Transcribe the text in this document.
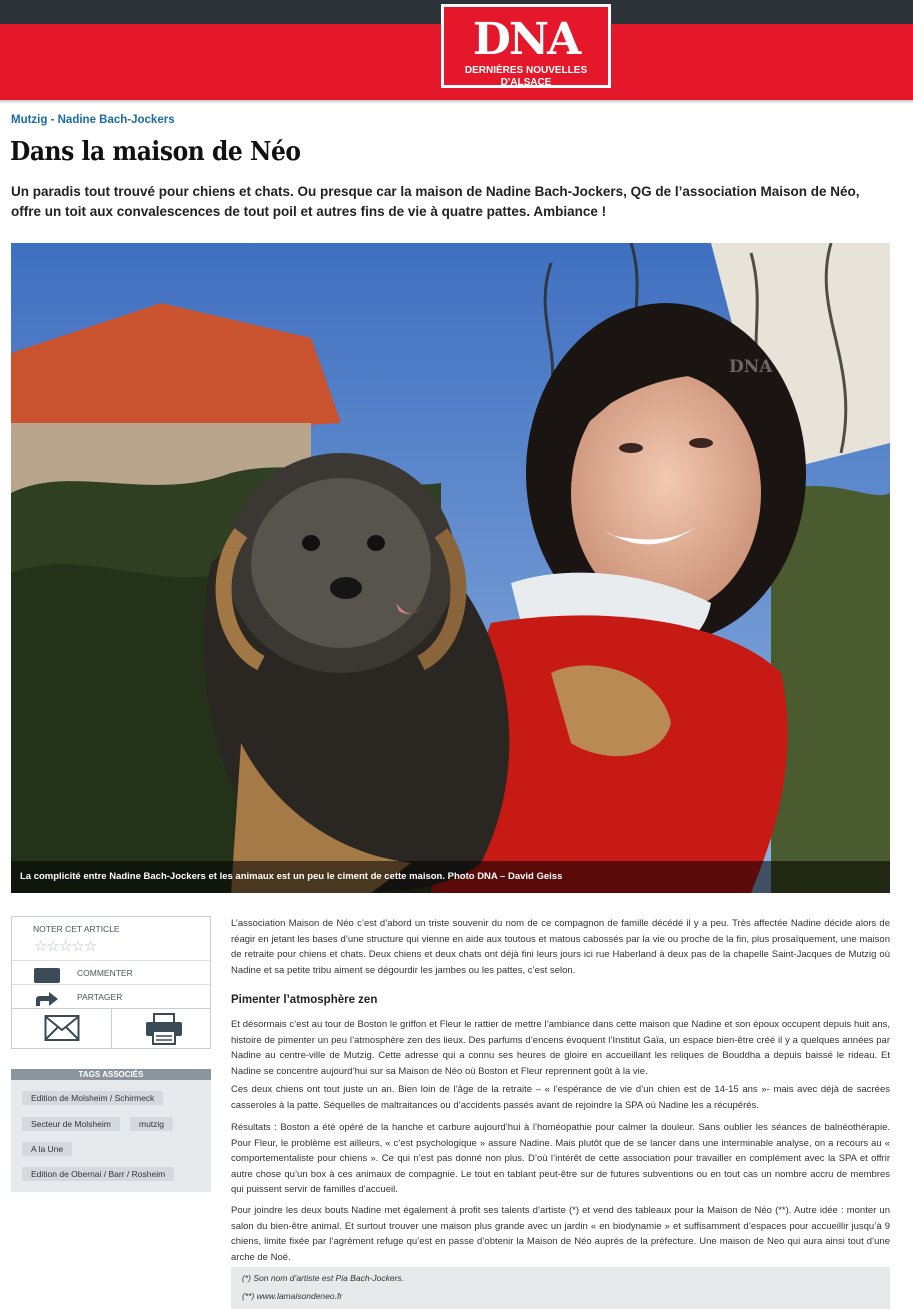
DNA
DERNIÈRES NOUVELLES D'ALSACE
Mutzig - Nadine Bach-Jockers
Dans la maison de Néo

Un paradis tout trouvé pour chiens et chats. Ou presque car la maison de Nadine Bach-Jockers, QG de l’association Maison de Néo, offre un toit aux convalescences de tout poil et autres fins de vie à quatre pattes. Ambiance !

DNA
La complicité entre Nadine Bach-Jockers et les animaux est un peu le ciment de cette maison. Photo DNA – David Geiss
NOTER CET ARTICLE
☆☆☆☆☆
COMMENTER
PARTAGER
TAGS ASSOCIÉS
Edition de Molsheim / Schirmeck
Secteur de Molsheim	mutzig
A la Une
Edition de Obernai / Barr / Rosheim

L’association Maison de Néo c’est d’abord un triste souvenir du nom de ce compagnon de famille décédé il y a peu. Très affectée Nadine décide alors de réagir en jetant les bases d’une structure qui vienne en aide aux toutous et matous cabossés par la vie ou proche de la fin, plus prosaïquement, une maison de retraite pour chiens et chats. Deux chiens et deux chats ont déjà fini leurs jours ici rue Haberland à deux pas de la chapelle Saint-Jacques de Mutzig où Nadine et sa petite tribu aiment se dégourdir les jambes ou les pattes, c’est selon.

Pimenter l’atmosphère zen

Et désormais c’est au tour de Boston le griffon et Fleur le rattier de mettre l’ambiance dans cette maison que Nadine et son époux occupent depuis huit ans, histoire de pimenter un peu l’atmosphère zen des lieux. Des parfums d’encens évoquent l’Institut Gaïa, un espace bien-être créé il y a quelques années par Nadine au centre-ville de Mutzig. Cette adresse qui a connu ses heures de gloire en accueillant les reliques de Bouddha a depuis baissé le rideau. Et Nadine se concentre aujourd’hui sur sa Maison de Néo où Boston et Fleur reprennent goût à la vie.

Ces deux chiens ont tout juste un an. Bien loin de l’âge de la retraite – « l’espérance de vie d’un chien est de 14-15 ans »- mais avec déjà de sacrées casseroles à la patte. Séquelles de maltraitances ou d’accidents passés avant de rejoindre la SPA où Nadine les a récupérés.

Résultats : Boston a été opéré de la hanche et carbure aujourd’hui à l’homéopathie pour calmer la douleur. Sans oublier les séances de balnéothérapie. Pour Fleur, le problème est ailleurs, « c’est psychologique » assure Nadine. Mais plutôt que de se lancer dans une interminable analyse, on a recours au « comportementaliste pour chiens ». Ce qui n’est pas donné non plus. D’où l’intérêt de cette association pour travailler en complément avec la SPA et offrir autre chose qu’un box à ces animaux de compagnie. Le tout en tablant peut-être sur de futures subventions ou en tout cas un nombre accru de membres qui puissent servir de familles d’accueil.

Pour joindre les deux bouts Nadine met également à profit ses talents d’artiste (*) et vend des tableaux pour la Maison de Néo (**). Autre idée : monter un salon du bien-être animal. Et surtout trouver une maison plus grande avec un jardin « en biodynamie » et suffisamment d’espaces pour accueillir jusqu’à 9 chiens, limite fixée par l’agrément refuge qu’est en passe d’obtenir la Maison de Néo auprès de la préfecture. Une maison de Neo qui aura ainsi tout d’une arche de Noë.

(*) Son nom d’artiste est Pia Bach-Jockers.
(**) www.lamaisondeneo.fr
